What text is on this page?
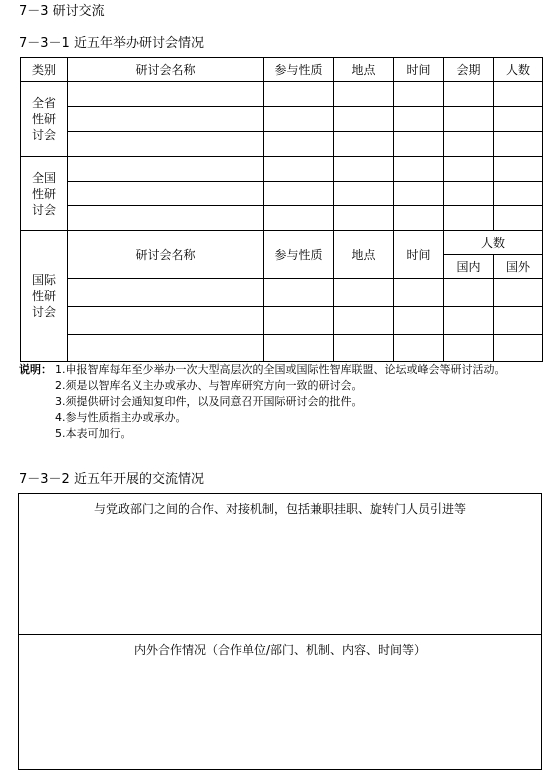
7－3 研讨交流
7－3－1 近五年举办研讨会情况
类别	研讨会名称	参与性质	地点	时间	会期	人数

全省
性研
讨会						

全国
性研
讨会						

国际
性研
讨会	研讨会名称	参与性质	地点	时间	人数	
					国内	国外

说明： 1.申报智库每年至少举办一次大型高层次的全国或国际性智库联盟、论坛或峰会等研讨活动。
2.须是以智库名义主办或承办、与智库研究方向一致的研讨会。
3.须提供研讨会通知复印件，以及同意召开国际研讨会的批件。
4.参与性质指主办或承办。
5.本表可加行。
7－3－2 近五年开展的交流情况
与党政部门之间的合作、对接机制，包括兼职挂职、旋转门人员引进等
内外合作情况（合作单位/部门、机制、内容、时间等）
